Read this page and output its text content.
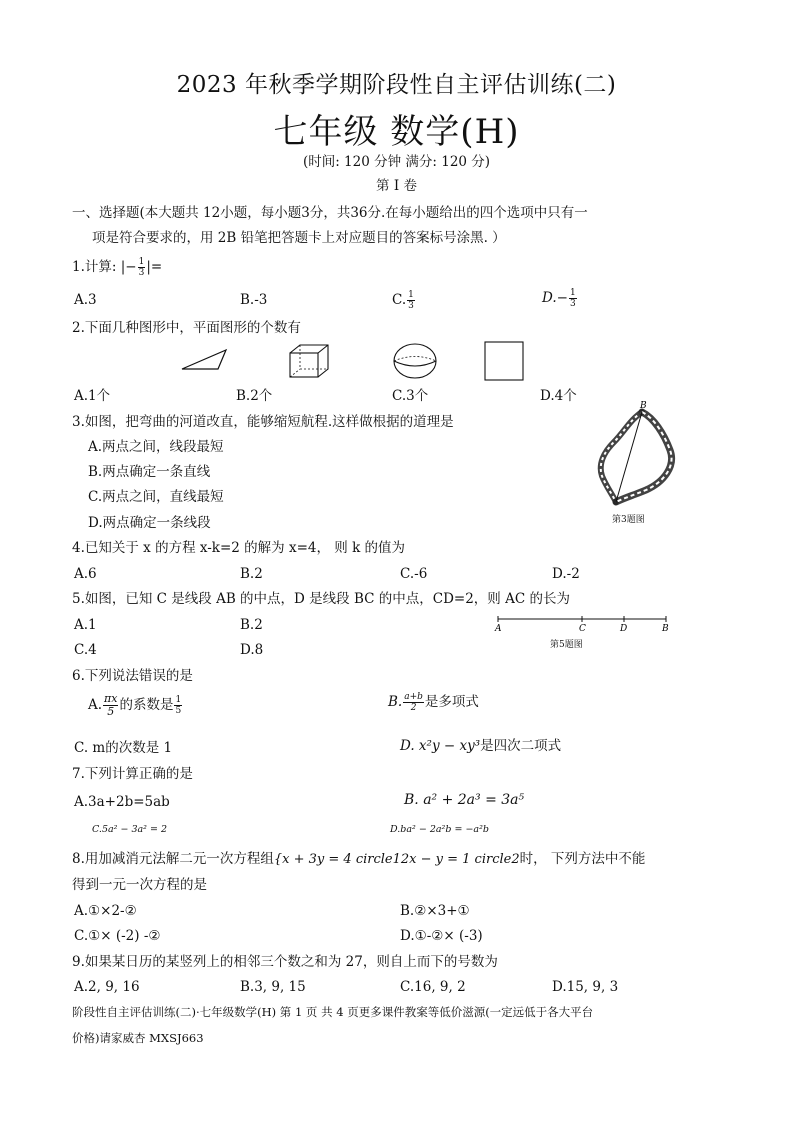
2023 年秋季学期阶段性自主评估训练(二)
七年级 数学(H)
(时间: 120 分钟 满分: 120 分)
第 I 卷
一、选择题(本大题共 12小题，每小题3分，共36分.在每小题给出的四个选项中只有一
项是符合要求的，用 2B 铅笔把答题卡上对应题目的答案标号涂黑. ）
1.计算: |− $\frac{1}{3}$ |=
A.3	B.-3	C. $\frac{1}{3}$	$D.- \frac{1}{3}$
2.下面几种图形中，平面图形的个数有
A.1个	B.2个	C.3个	D.4个
3.如图，把弯曲的河道改直，能够缩短航程.这样做根据的道理是
A.两点之间，线段最短
B.两点确定一条直线
C.两点之间，直线最短
D.两点确定一条线段
B
第3题图
4.已知关于 x 的方程 x-k=2 的解为 x=4， 则 k 的值为
A.6	B.2	C.-6	D.-2
5.如图，已知 C 是线段 AB 的中点，D 是线段 BC 的中点，CD=2，则 AC 的长为
A.1	B.2
C.4	D.8
A	C	D	B
第5题图
6.下列说法错误的是
A. $\frac{\pi x}{5}$ 的系数是 $\frac{1}{5}$	B. $\frac{a+b}{2}$ 是多项式
C. m的次数是 1	D. x²y − xy³是四次二项式
7.下列计算正确的是
A.3a+2b=5ab	B. a² + 2a³ = 3a⁵
C.5a² − 3a² = 2	D.ba² − 2a²b = −a²b
8.用加减消元法解二元一次方程组{x + 3y = 4 circle12x − y = 1 circle2时， 下列方法中不能
得到一元一次方程的是
A.①×2-②	B.②×3+①
C.①× (-2) -②	D.①-②× (-3)
9.如果某日历的某竖列上的相邻三个数之和为 27，则自上而下的号数为
A.2, 9, 16	B.3, 9, 15	C.16, 9, 2	D.15, 9, 3
阶段性自主评估训练(二)·七年级数学(H) 第 1 页 共 4 页更多课件教案等低价滋源(一定远低于各大平台
价格)请家威杏 MXSJ663
